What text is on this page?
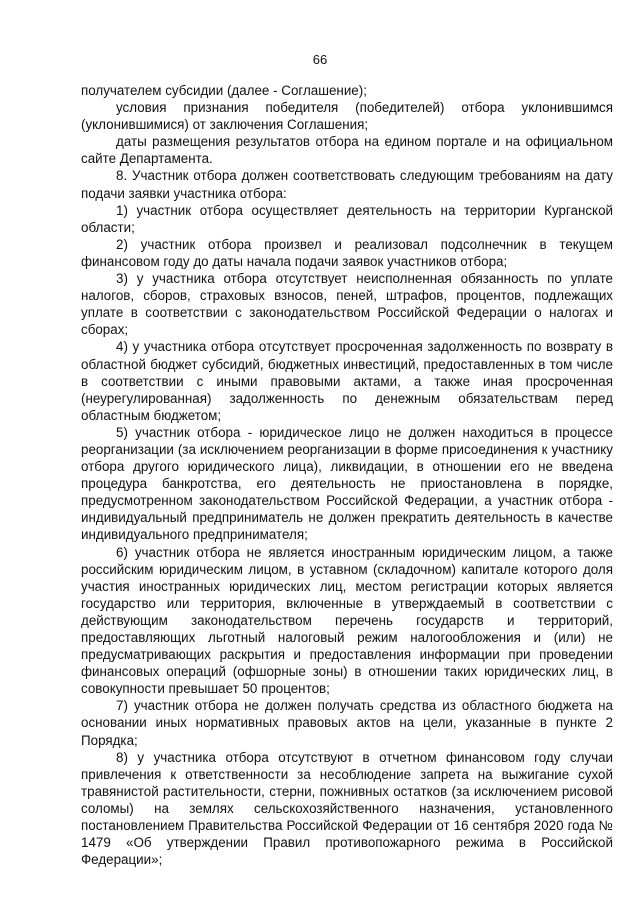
66

получателем субсидии (далее - Соглашение);

условия признания победителя (победителей) отбора уклонившимся (уклонившимися) от заключения Соглашения;

даты размещения результатов отбора на едином портале и на официальном сайте Департамента.

8. Участник отбора должен соответствовать следующим требованиям на дату подачи заявки участника отбора:

1) участник отбора осуществляет деятельность на территории Курганской области;

2) участник отбора произвел и реализовал подсолнечник в текущем финансовом году до даты начала подачи заявок участников отбора;

3) у участника отбора отсутствует неисполненная обязанность по уплате налогов, сборов, страховых взносов, пеней, штрафов, процентов, подлежащих уплате в соответствии с законодательством Российской Федерации о налогах и сборах;

4) у участника отбора отсутствует просроченная задолженность по возврату в областной бюджет субсидий, бюджетных инвестиций, предоставленных в том числе в соответствии с иными правовыми актами, а также иная просроченная (неурегулированная) задолженность по денежным обязательствам перед областным бюджетом;

5) участник отбора - юридическое лицо не должен находиться в процессе реорганизации (за исключением реорганизации в форме присоединения к участнику отбора другого юридического лица), ликвидации, в отношении его не введена процедура банкротства, его деятельность не приостановлена в порядке, предусмотренном законодательством Российской Федерации, а участник отбора - индивидуальный предприниматель не должен прекратить деятельность в качестве индивидуального предпринимателя;

6) участник отбора не является иностранным юридическим лицом, а также российским юридическим лицом, в уставном (складочном) капитале которого доля участия иностранных юридических лиц, местом регистрации которых является государство или территория, включенные в утверждаемый в соответствии с действующим законодательством перечень государств и территорий, предоставляющих льготный налоговый режим налогообложения и (или) не предусматривающих раскрытия и предоставления информации при проведении финансовых операций (офшорные зоны) в отношении таких юридических лиц, в совокупности превышает 50 процентов;

7) участник отбора не должен получать средства из областного бюджета на основании иных нормативных правовых актов на цели, указанные в пункте 2 Порядка;

8) у участника отбора отсутствуют в отчетном финансовом году случаи привлечения к ответственности за несоблюдение запрета на выжигание сухой травянистой растительности, стерни, пожнивных остатков (за исключением рисовой соломы) на землях сельскохозяйственного назначения, установленного постановлением Правительства Российской Федерации от 16 сентября 2020 года № 1479 «Об утверждении Правил противопожарного режима в Российской Федерации»;
